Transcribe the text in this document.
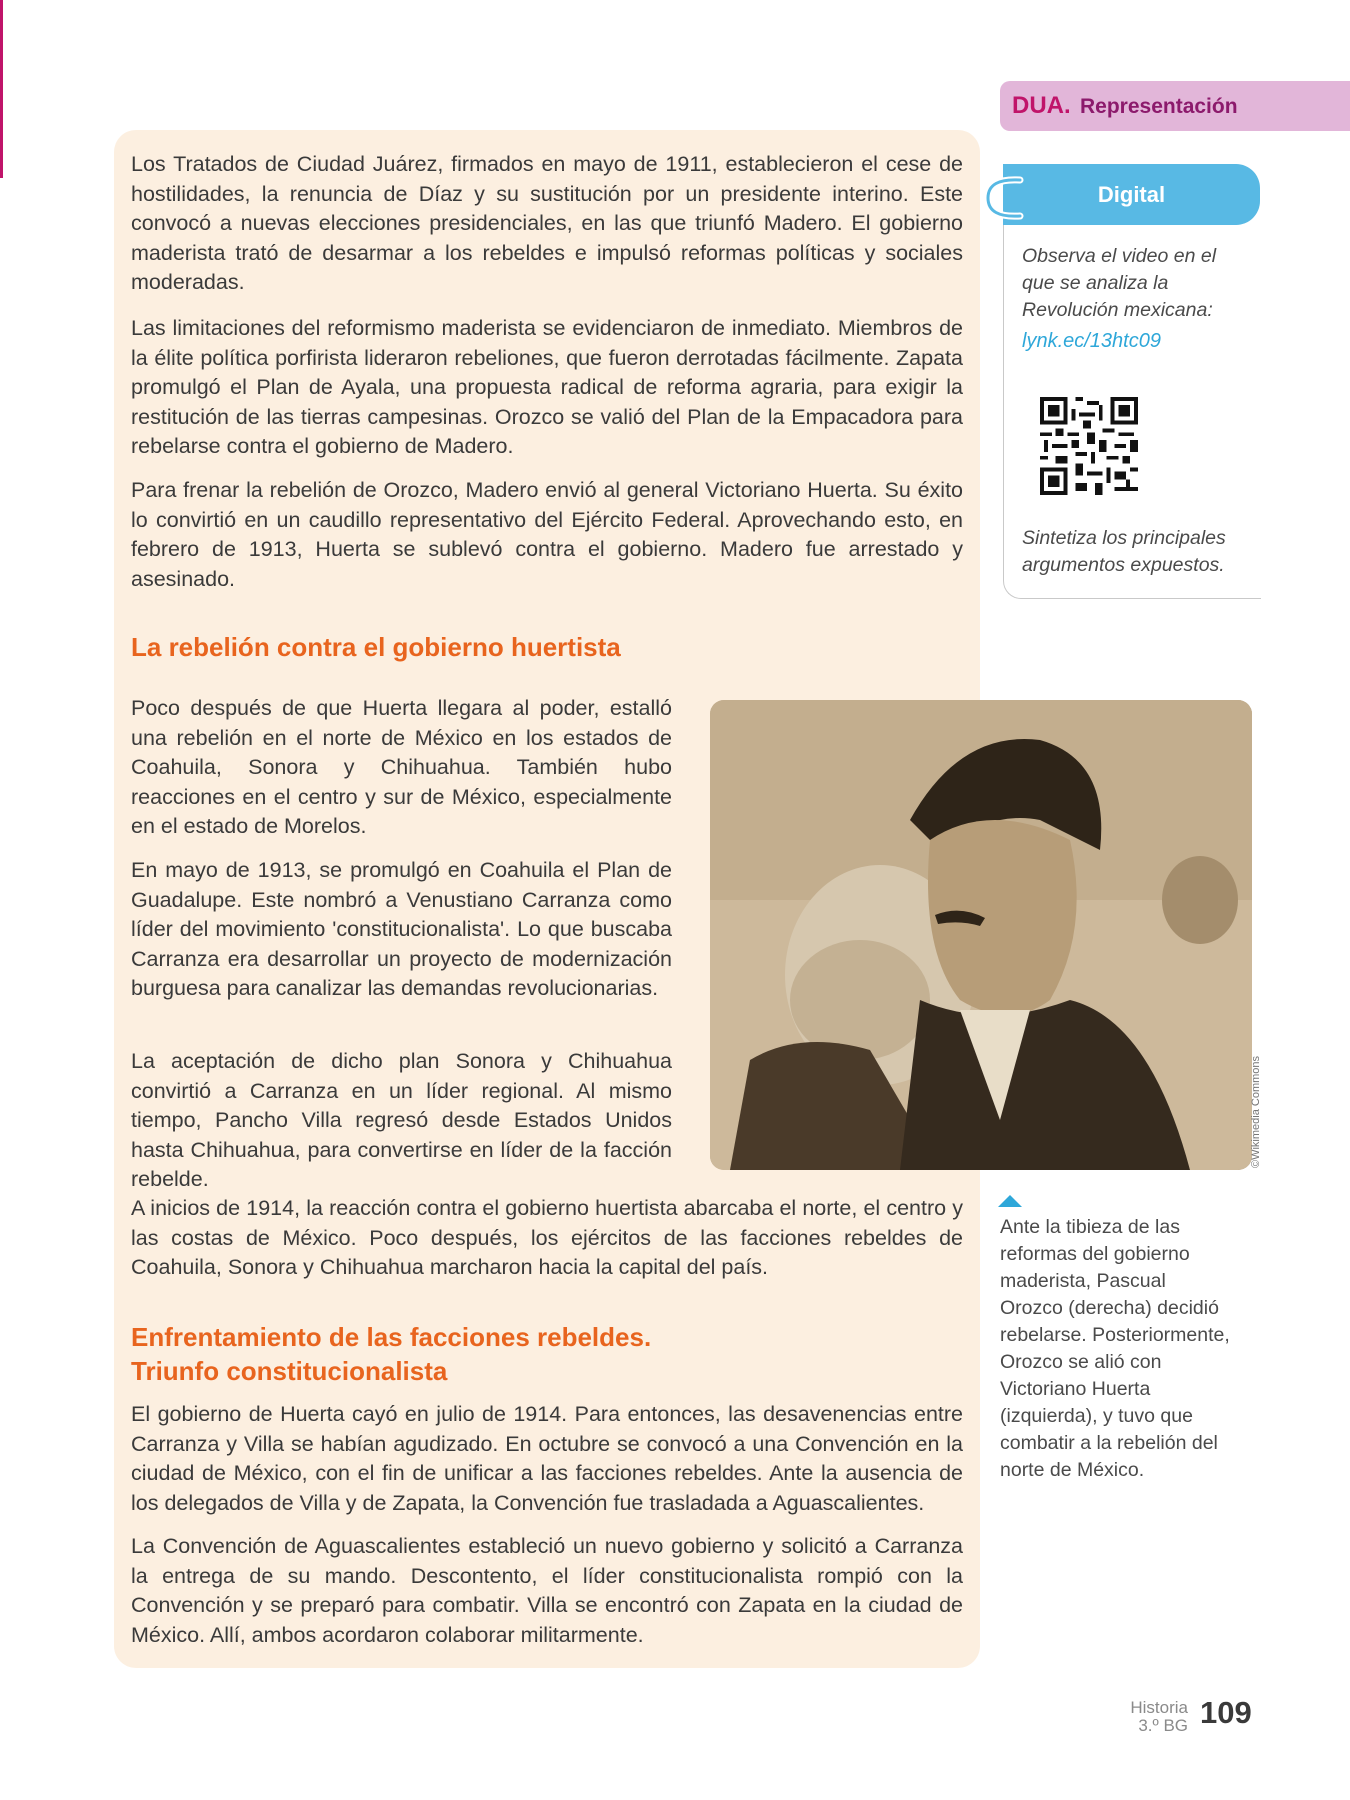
Los Tratados de Ciudad Juárez, firmados en mayo de 1911, establecieron el cese de hostilidades, la renuncia de Díaz y su sustitución por un presidente interino. Este convocó a nuevas elecciones presidenciales, en las que triunfó Madero. El gobierno maderista trató de desarmar a los rebeldes e impulsó reformas políticas y sociales moderadas.

Las limitaciones del reformismo maderista se evidenciaron de inmediato. Miembros de la élite política porfirista lideraron rebeliones, que fueron derrotadas fácilmente. Zapata promulgó el Plan de Ayala, una propuesta radical de reforma agraria, para exigir la restitución de las tierras campesinas. Orozco se valió del Plan de la Empacadora para rebelarse contra el gobierno de Madero.

Para frenar la rebelión de Orozco, Madero envió al general Victoriano Huerta. Su éxito lo convirtió en un caudillo representativo del Ejército Federal. Aprovechando esto, en febrero de 1913, Huerta se sublevó contra el gobierno. Madero fue arrestado y asesinado.

La rebelión contra el gobierno huertista

Poco después de que Huerta llegara al poder, estalló una rebelión en el norte de México en los estados de Coahuila, Sonora y Chihuahua. También hubo reacciones en el centro y sur de México, especialmente en el estado de Morelos.

En mayo de 1913, se promulgó en Coahuila el Plan de Guadalupe. Este nombró a Venustiano Carranza como líder del movimiento 'constitucionalista'. Lo que buscaba Carranza era desarrollar un proyecto de modernización burguesa para canalizar las demandas revolucionarias.

La aceptación de dicho plan Sonora y Chihuahua convirtió a Carranza en un líder regional. Al mismo tiempo, Pancho Villa regresó desde Estados Unidos hasta Chihuahua, para convertirse en líder de la facción rebelde.

A inicios de 1914, la reacción contra el gobierno huertista abarcaba el norte, el centro y las costas de México. Poco después, los ejércitos de las facciones rebeldes de Coahuila, Sonora y Chihuahua marcharon hacia la capital del país.

Enfrentamiento de las facciones rebeldes.
Triunfo constitucionalista

El gobierno de Huerta cayó en julio de 1914. Para entonces, las desavenencias entre Carranza y Villa se habían agudizado. En octubre se convocó a una Convención en la ciudad de México, con el fin de unificar a las facciones rebeldes. Ante la ausencia de los delegados de Villa y de Zapata, la Convención fue trasladada a Aguascalientes.

La Convención de Aguascalientes estableció un nuevo gobierno y solicitó a Carranza la entrega de su mando. Descontento, el líder constitucionalista rompió con la Convención y se preparó para combatir. Villa se encontró con Zapata en la ciudad de México. Allí, ambos acordaron colaborar militarmente.

©Wikimedia Commons

Ante la tibieza de las reformas del gobierno maderista, Pascual Orozco (derecha) decidió rebelarse. Posteriormente, Orozco se alió con Victoriano Huerta (izquierda), y tuvo que combatir a la rebelión del norte de México.

DUA. Representación
Digital

Observa el video en el que se analiza la Revolución mexicana:

lynk.ec/13htc09

Sintetiza los principales argumentos expuestos.

Historia
3.º BG 109
